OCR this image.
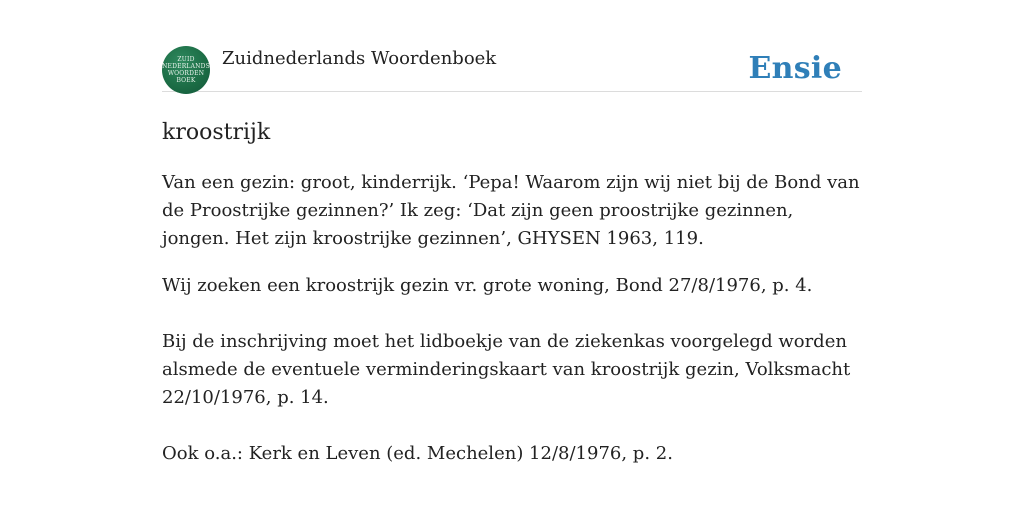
ZUID
NEDERLANDS
WOORDEN
BOEK
Zuidnederlands Woordenboek	Ensie
kroostrijk
Van een gezin: groot, kinderrijk. ‘Pepa! Waarom zijn wij niet bij de Bond van de Proostrijke gezinnen?’ Ik zeg: ‘Dat zijn geen proostrijke gezinnen, jongen. Het zijn kroostrijke gezinnen’, GHYSEN 1963, 119.
Wij zoeken een kroostrijk gezin vr. grote woning, Bond 27/8/1976, p. 4.

Bij de inschrijving moet het lidboekje van de ziekenkas voorgelegd worden alsmede de eventuele verminderingskaart van kroostrijk gezin, Volksmacht 22/10/1976, p. 14.

Ook o.a.: Kerk en Leven (ed. Mechelen) 12/8/1976, p. 2.
